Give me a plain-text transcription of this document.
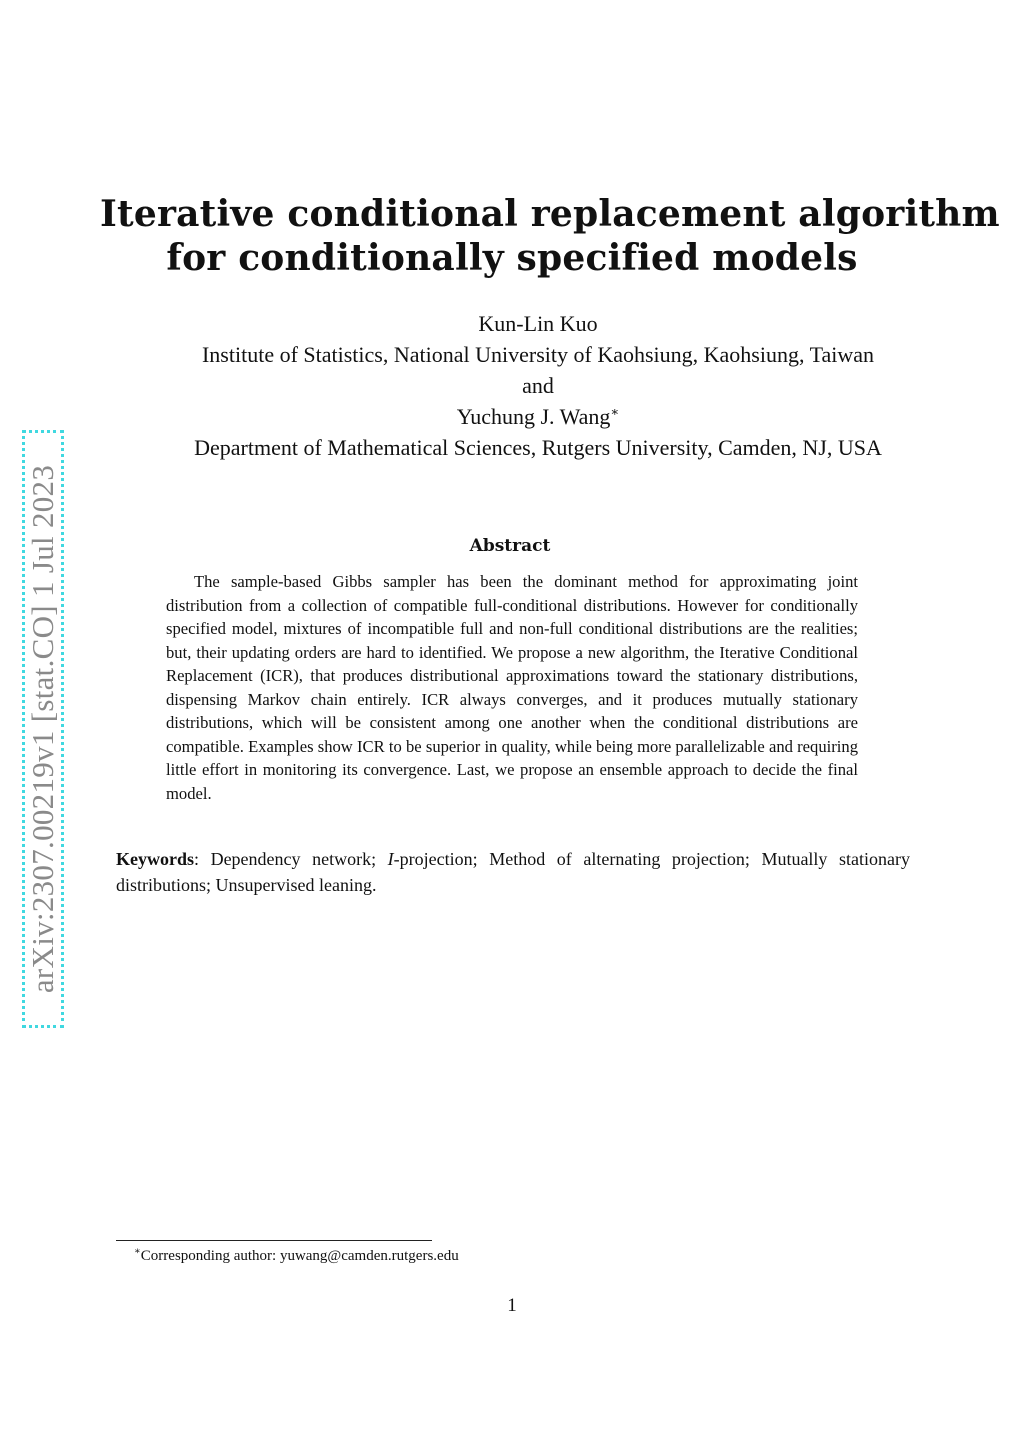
arXiv:2307.00219v1 [stat.CO] 1 Jul 2023
Iterative conditional replacement algorithm
for conditionally specified models
Kun-Lin Kuo
Institute of Statistics, National University of Kaohsiung, Kaohsiung, Taiwan
and
Yuchung J. Wang∗
Department of Mathematical Sciences, Rutgers University, Camden, NJ, USA
Abstract

The sample-based Gibbs sampler has been the dominant method for approximating joint distribution from a collection of compatible full-conditional distributions. However for conditionally specified model, mixtures of incompatible full and non-full conditional distributions are the realities; but, their updating orders are hard to identified. We propose a new algorithm, the Iterative Conditional Replacement (ICR), that produces distributional approximations toward the stationary distributions, dispensing Markov chain entirely. ICR always converges, and it produces mutually stationary distributions, which will be consistent among one another when the conditional distributions are compatible. Examples show ICR to be superior in quality, while being more parallelizable and requiring little effort in monitoring its convergence. Last, we propose an ensemble approach to decide the final model.

Keywords: Dependency network; I-projection; Method of alternating projection; Mutually stationary distributions; Unsupervised leaning.
∗Corresponding author: yuwang@camden.rutgers.edu
1
